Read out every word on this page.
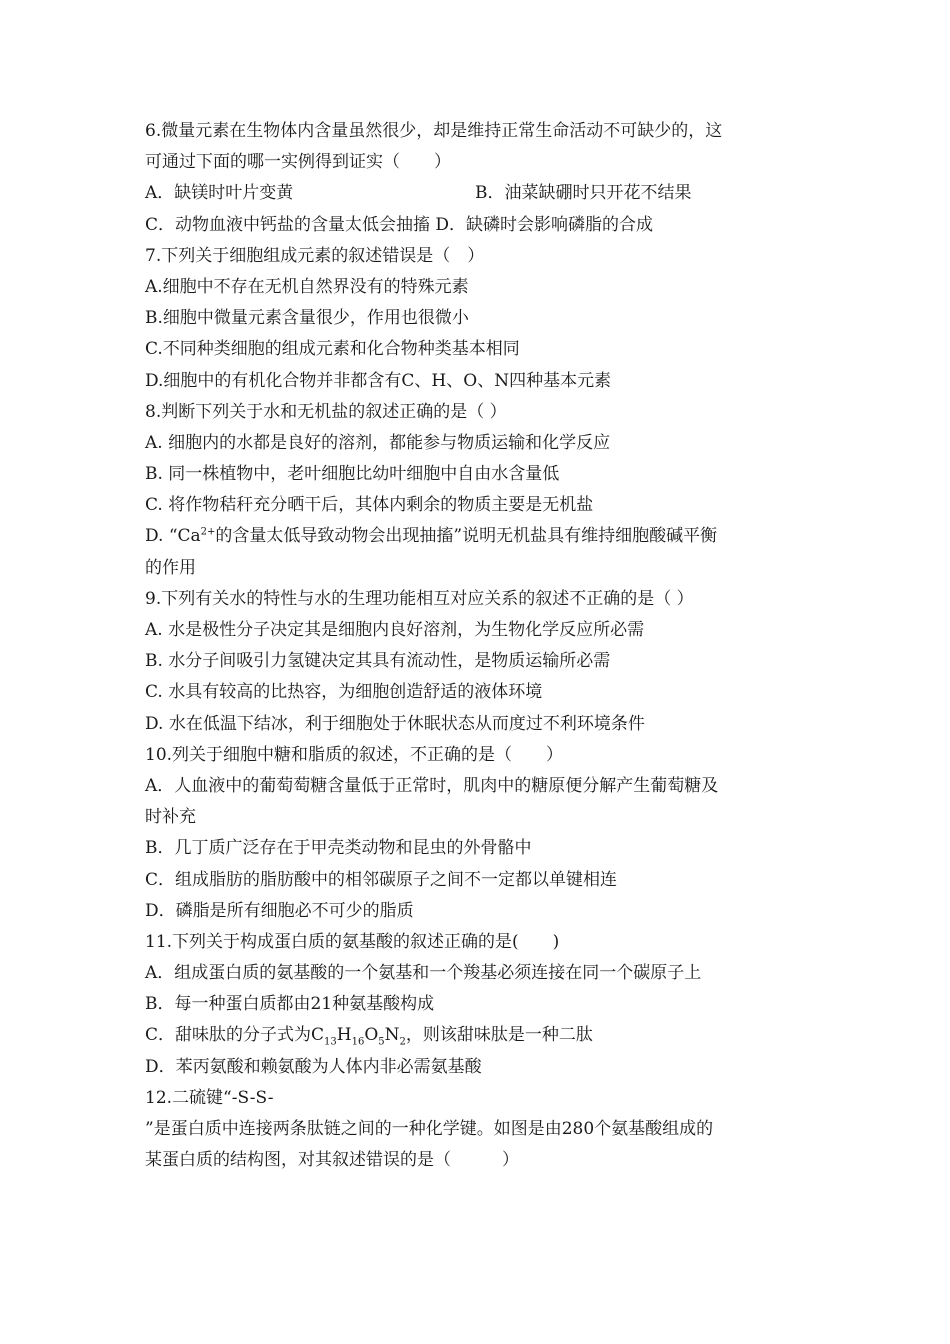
6.微量元素在生物体内含量虽然很少，却是维持正常生命活动不可缺少的，这
可通过下面的哪一实例得到证实（　　）
A．缺镁时叶片变黄	B．油菜缺硼时只开花不结果
C．动物血液中钙盐的含量太低会抽搐 D．缺磷时会影响磷脂的合成
7.下列关于细胞组成元素的叙述错误是（　）
A.细胞中不存在无机自然界没有的特殊元素
B.细胞中微量元素含量很少，作用也很微小
C.不同种类细胞的组成元素和化合物种类基本相同
D.细胞中的有机化合物并非都含有C、H、O、N四种基本元素
8.判断下列关于水和无机盐的叙述正确的是（ ）
A. 细胞内的水都是良好的溶剂，都能参与物质运输和化学反应
B. 同一株植物中，老叶细胞比幼叶细胞中自由水含量低
C. 将作物秸秆充分晒干后，其体内剩余的物质主要是无机盐
D. “$Ca^{2+}$的含量太低导致动物会出现抽搐”说明无机盐具有维持细胞酸碱平衡
的作用
9.下列有关水的特性与水的生理功能相互对应关系的叙述不正确的是（ ）
A. 水是极性分子决定其是细胞内良好溶剂，为生物化学反应所必需
B. 水分子间吸引力氢键决定其具有流动性，是物质运输所必需
C. 水具有较高的比热容，为细胞创造舒适的液体环境
D. 水在低温下结冰，利于细胞处于休眠状态从而度过不利环境条件
10.列关于细胞中糖和脂质的叙述，不正确的是（　　）
A．人血液中的葡萄萄糖含量低于正常时，肌肉中的糖原便分解产生葡萄糖及
时补充
B．几丁质广泛存在于甲壳类动物和昆虫的外骨骼中
C．组成脂肪的脂肪酸中的相邻碳原子之间不一定都以单键相连
D．磷脂是所有细胞必不可少的脂质
11.下列关于构成蛋白质的氨基酸的叙述正确的是(　　)
A．组成蛋白质的氨基酸的一个氨基和一个羧基必须连接在同一个碳原子上
B．每一种蛋白质都由21种氨基酸构成
C．甜味肽的分子式为$C_{13}H_{16}O_5N_2$，则该甜味肽是一种二肽
D．苯丙氨酸和赖氨酸为人体内非必需氨基酸
12.二硫键“-S-S-
”是蛋白质中连接两条肽链之间的一种化学键。如图是由280个氨基酸组成的
某蛋白质的结构图，对其叙述错误的是（　　　）
